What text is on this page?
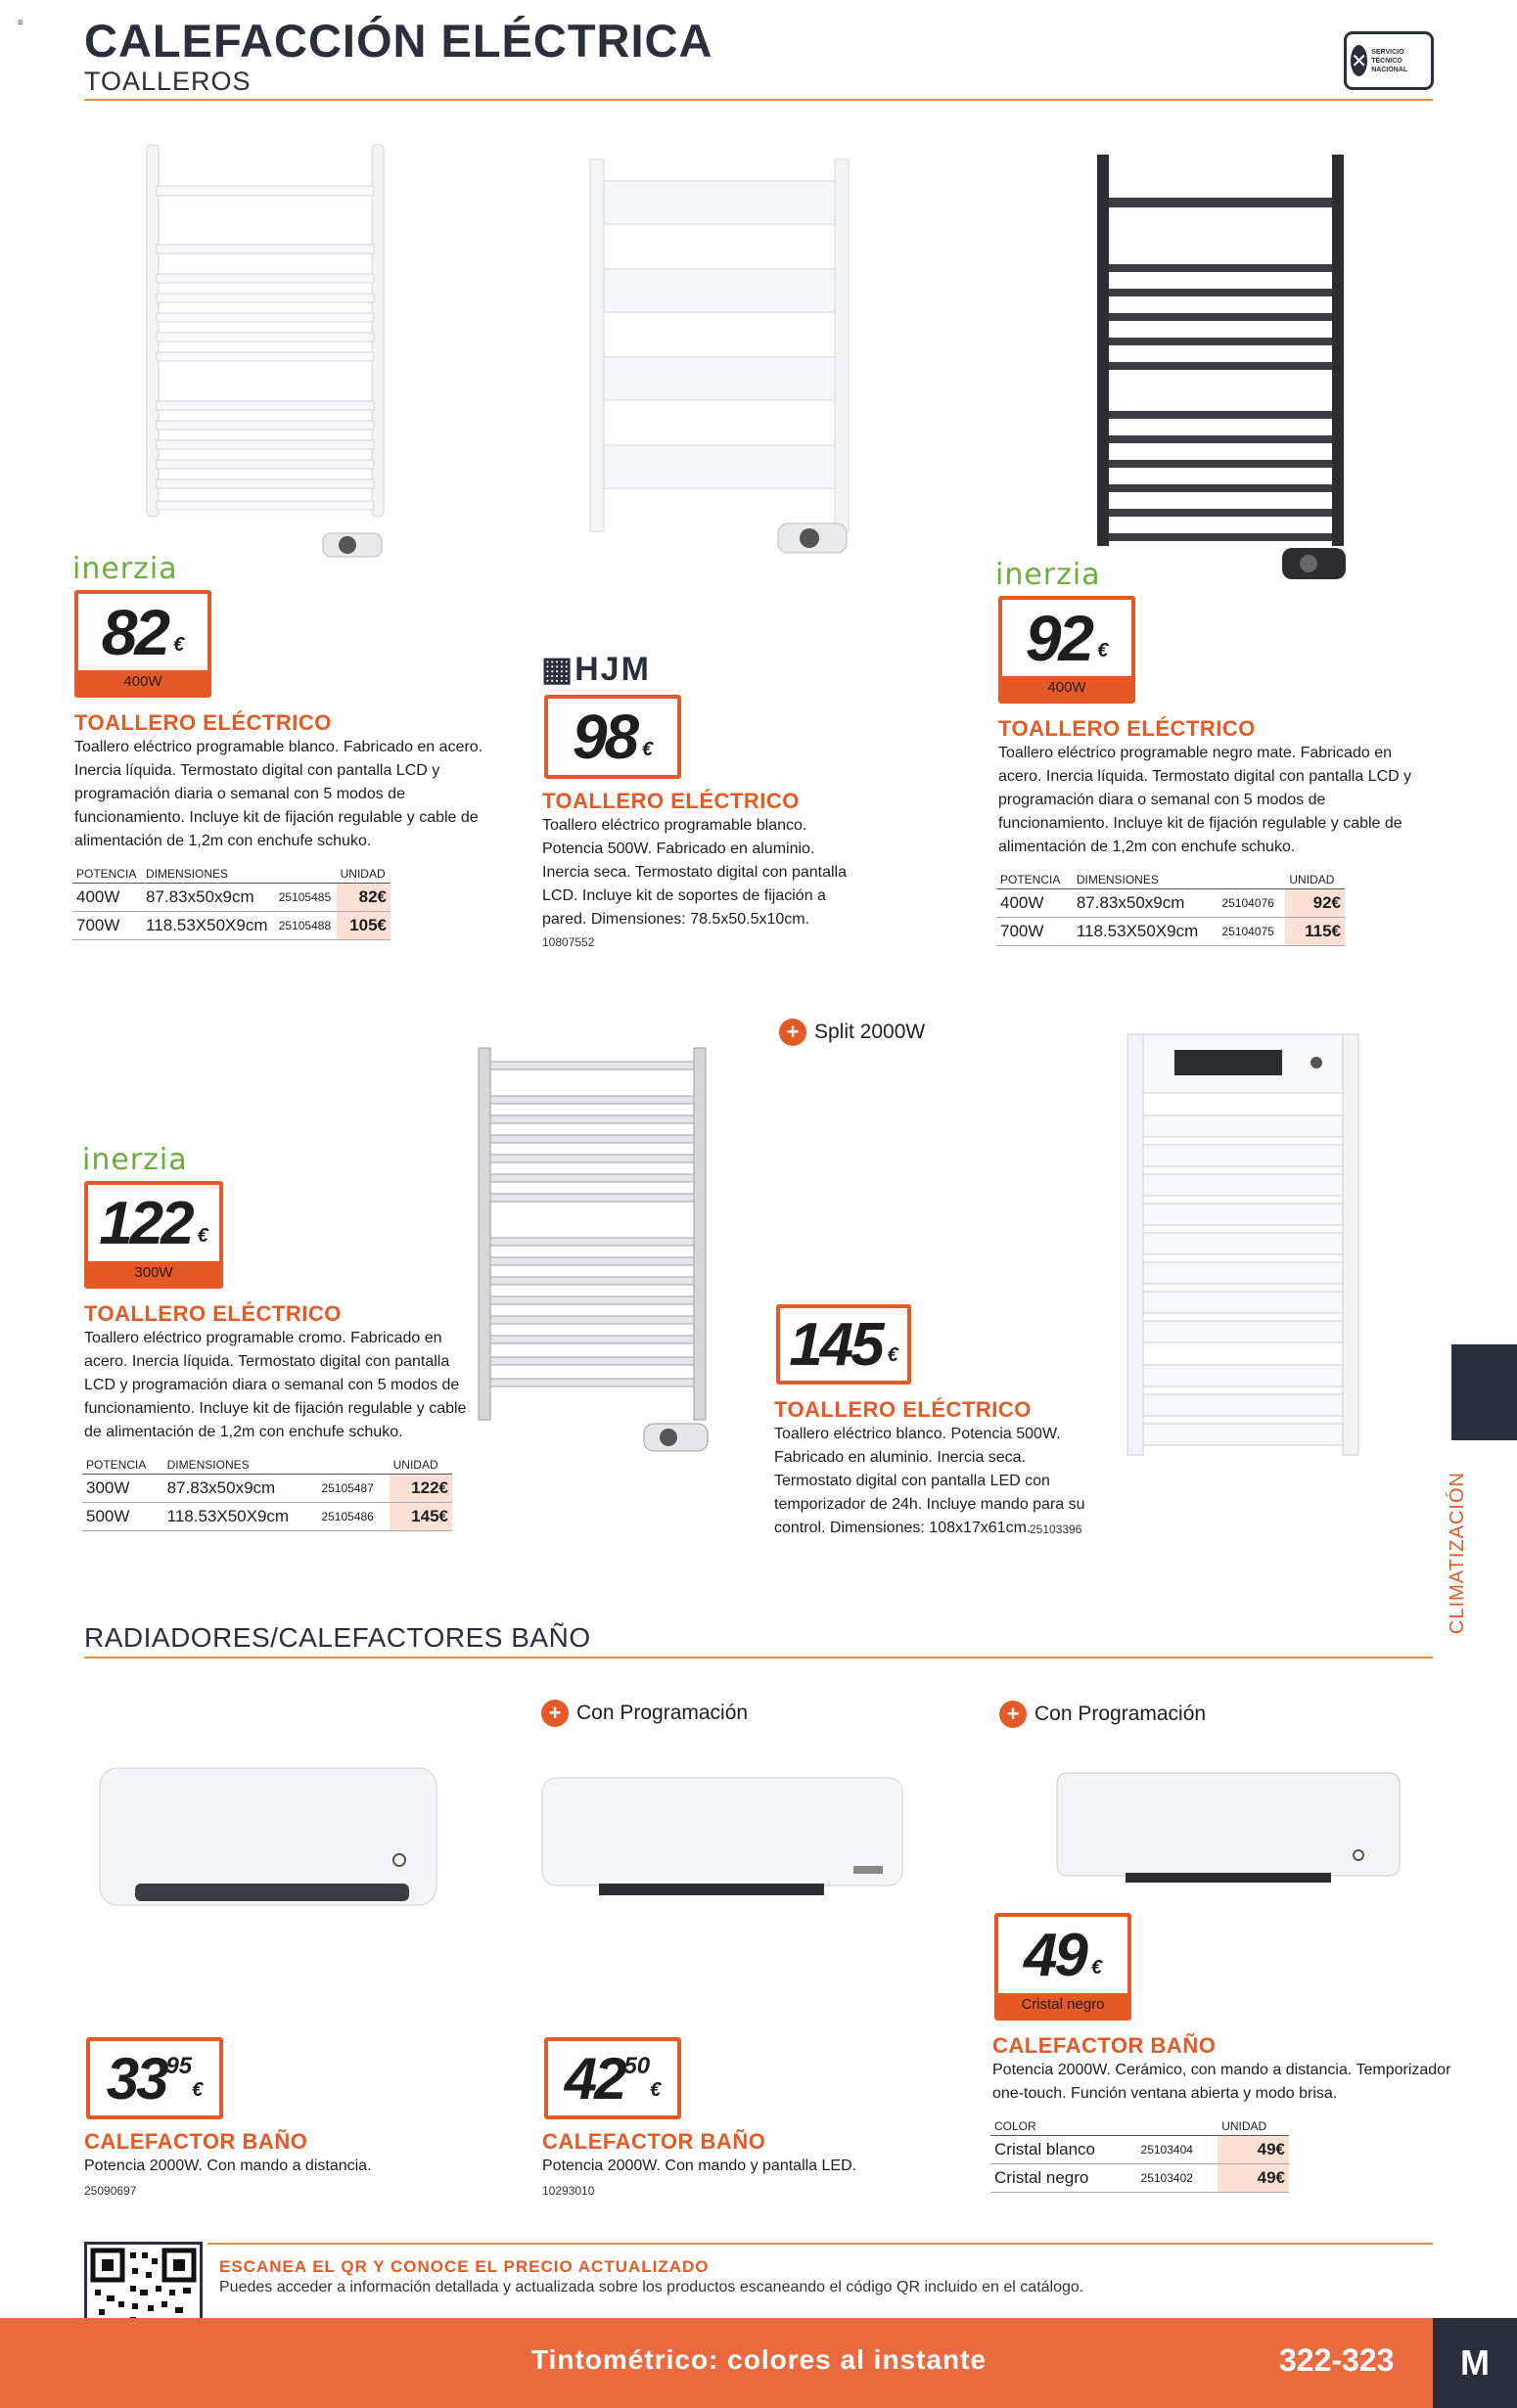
≡ CALEFACCIÓN ELÉCTRICA
TOALLEROS
✕ SERVICIO TÉCNICO NACIONAL
inerzia
82 €
400W
TOALLERO ELÉCTRICO
Toallero eléctrico programable blanco. Fabricado en acero. Inercia líquida. Termostato digital con pantalla LCD y programación diaria o semanal con 5 modos de funcionamiento. Incluye kit de fijación regulable y cable de alimentación de 1,2m con enchufe schuko.
POTENCIA	DIMENSIONES		UNIDAD
400W	87.83x50x9cm	25105485	82€
700W	118.53X50X9cm	25105488	105€
▦HJM
98 €
TOALLERO ELÉCTRICO
Toallero eléctrico programable blanco. Potencia 500W. Fabricado en aluminio. Inercia seca. Termostato digital con pantalla LCD. Incluye kit de soportes de fijación a pared. Dimensiones: 78.5x50.5x10cm.
10807552
inerzia
92 €
400W
TOALLERO ELÉCTRICO
Toallero eléctrico programable negro mate. Fabricado en acero. Inercia líquida. Termostato digital con pantalla LCD y programación diara o semanal con 5 modos de funcionamiento. Incluye kit de fijación regulable y cable de alimentación de 1,2m con enchufe schuko.
POTENCIA	DIMENSIONES		UNIDAD
400W	87.83x50x9cm	25104076	92€
700W	118.53X50X9cm	25104075	115€
inerzia
122 €
300W
TOALLERO ELÉCTRICO
Toallero eléctrico programable cromo. Fabricado en acero. Inercia líquida. Termostato digital con pantalla LCD y programación diara o semanal con 5 modos de funcionamiento. Incluye kit de fijación regulable y cable de alimentación de 1,2m con enchufe schuko.
POTENCIA	DIMENSIONES		UNIDAD
300W	87.83x50x9cm	25105487	122€
500W	118.53X50X9cm	25105486	145€
+ Split 2000W
145 €
TOALLERO ELÉCTRICO
Toallero eléctrico blanco. Potencia 500W. Fabricado en aluminio. Inercia seca. Termostato digital con pantalla LED con temporizador de 24h. Incluye mando para su control. Dimensiones: 108x17x61cm.
25103396	CLIMATIZACIÓN
RADIADORES/CALEFACTORES BAÑO
+ Con Programación	+ Con Programación
33 95
€
CALEFACTOR BAÑO
Potencia 2000W. Con mando a distancia.
25090697
42 50
€
CALEFACTOR BAÑO
Potencia 2000W. Con mando y pantalla LED.
10293010
49 €
Cristal negro
CALEFACTOR BAÑO
Potencia 2000W. Cerámico, con mando a distancia. Temporizador one-touch. Función ventana abierta y modo brisa.
COLOR		UNIDAD
Cristal blanco	25103404	49€
Cristal negro	25103402	49€
ESCANEA EL QR Y CONOCE EL PRECIO ACTUALIZADO
Puedes acceder a información detallada y actualizada sobre los productos escaneando el código QR incluido en el catálogo.
Tintométrico: colores al instante	322-323	M
